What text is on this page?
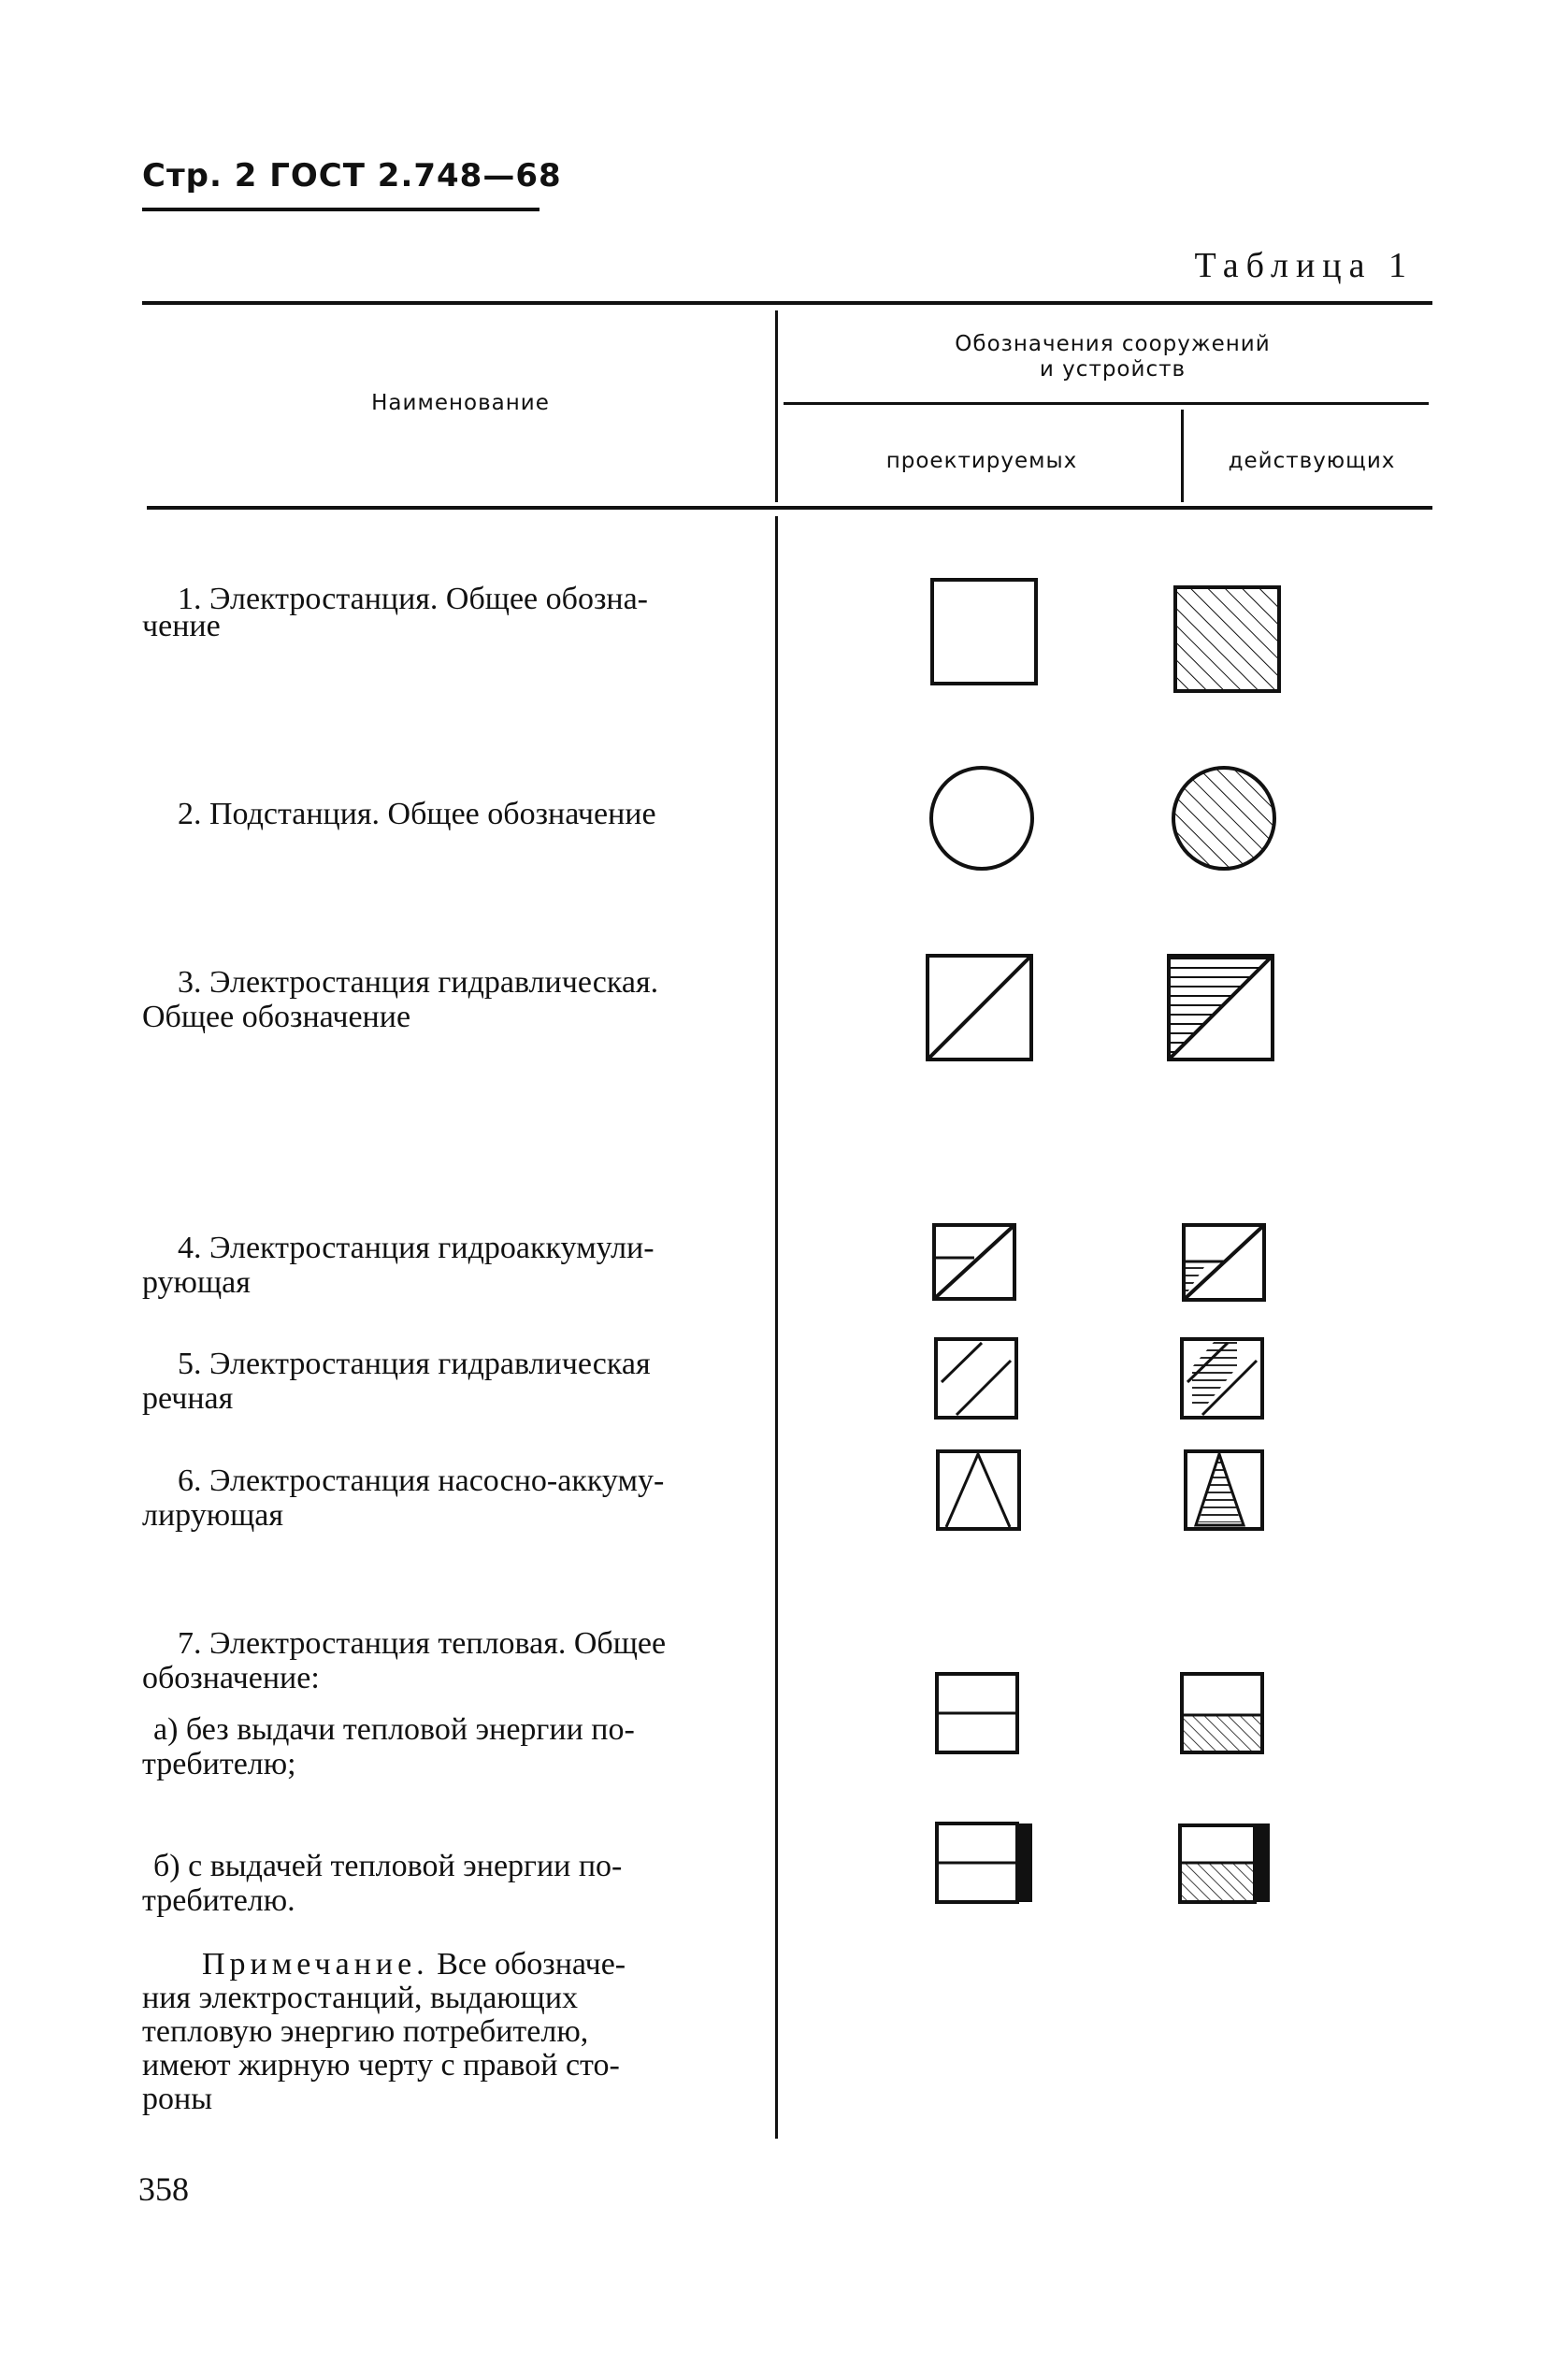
Стр. 2 ГОСТ 2.748—68
Таблица 1
Наименование
Обозначения сооружений
и устройств
проектируемых	действующих
1. Электростанция. Общее обозна-
чение
2. Подстанция. Общее обозначение
3. Электростанция гидравлическая.
Общее обозначение
4. Электростанция гидроаккумули-
рующая
5. Электростанция гидравлическая
речная
6. Электростанция насосно-аккуму-
лирующая
7. Электростанция тепловая. Общее
обозначение:
а) без выдачи тепловой энергии по-
требителю;
б) с выдачей тепловой энергии по-
требителю.
Примечание. Все обозначе-
ния электростанций, выдающих
тепловую энергию потребителю,
имеют жирную черту с правой сто-
роны
358
